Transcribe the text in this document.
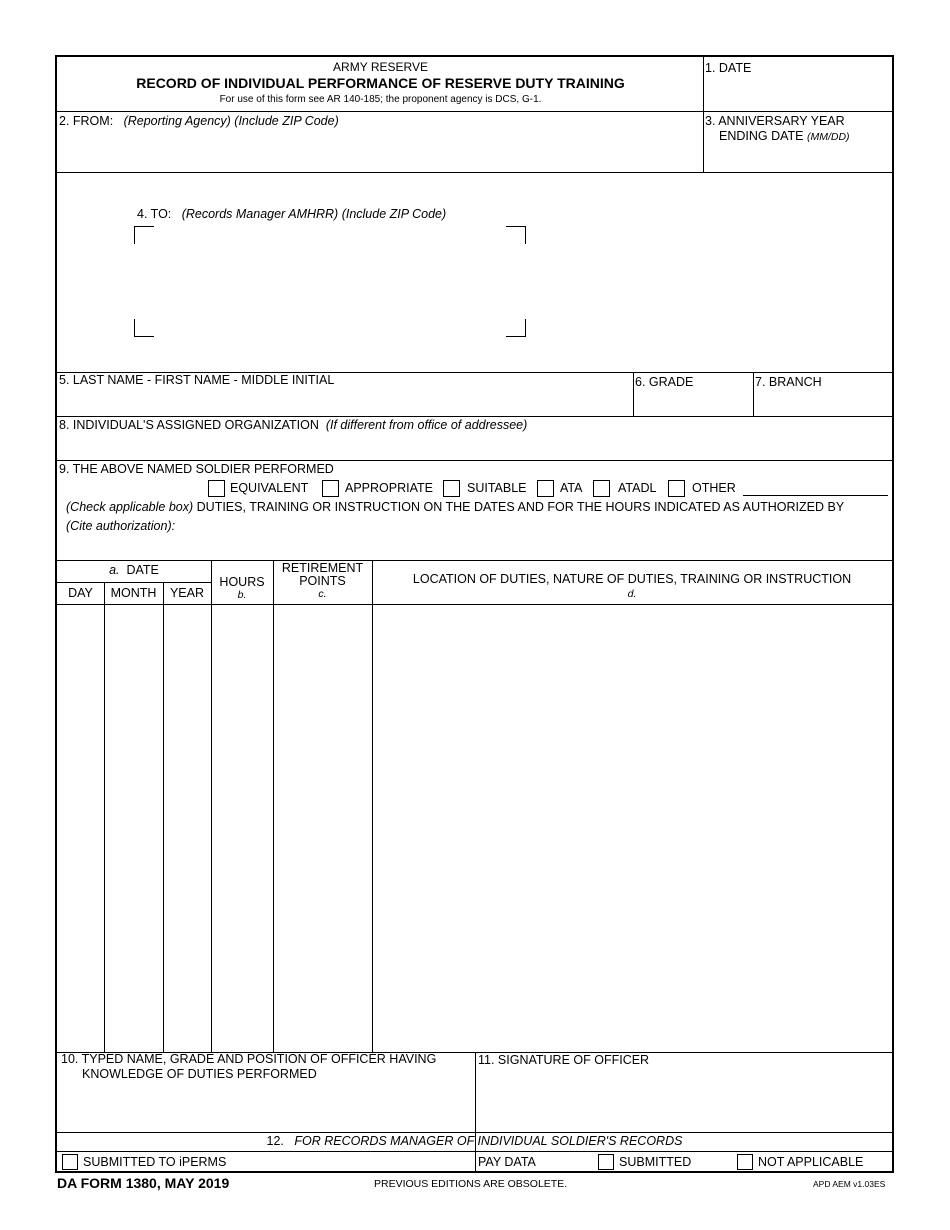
ARMY RESERVE
RECORD OF INDIVIDUAL PERFORMANCE OF RESERVE DUTY TRAINING
For use of this form see AR 140-185; the proponent agency is DCS, G-1.
1. DATE
2. FROM: (Reporting Agency) (Include ZIP Code)	3. ANNIVERSARY YEAR
ENDING DATE (MM/DD)
4. TO: (Records Manager AMHRR) (Include ZIP Code)
5. LAST NAME - FIRST NAME - MIDDLE INITIAL	6. GRADE	7. BRANCH
8. INDIVIDUAL'S ASSIGNED ORGANIZATION (If different from office of addressee)
9. THE ABOVE NAMED SOLDIER PERFORMED
EQUIVALENT	APPROPRIATE	SUITABLE	ATA	ATADL	OTHER
(Check applicable box) DUTIES, TRAINING OR INSTRUCTION ON THE DATES AND FOR THE HOURS INDICATED AS AUTHORIZED BY
(Cite authorization):
a. DATE
DAY	MONTH	YEAR
HOURS
b.
RETIREMENT
POINTS
c.
LOCATION OF DUTIES, NATURE OF DUTIES, TRAINING OR INSTRUCTION
d.
10. TYPED NAME, GRADE AND POSITION OF OFFICER HAVING
KNOWLEDGE OF DUTIES PERFORMED
11. SIGNATURE OF OFFICER
12. FOR RECORDS MANAGER OF INDIVIDUAL SOLDIER'S RECORDS
SUBMITTED TO iPERMS	PAY DATA	SUBMITTED	NOT APPLICABLE
DA FORM 1380, MAY 2019	PREVIOUS EDITIONS ARE OBSOLETE.	APD AEM v1.03ES
